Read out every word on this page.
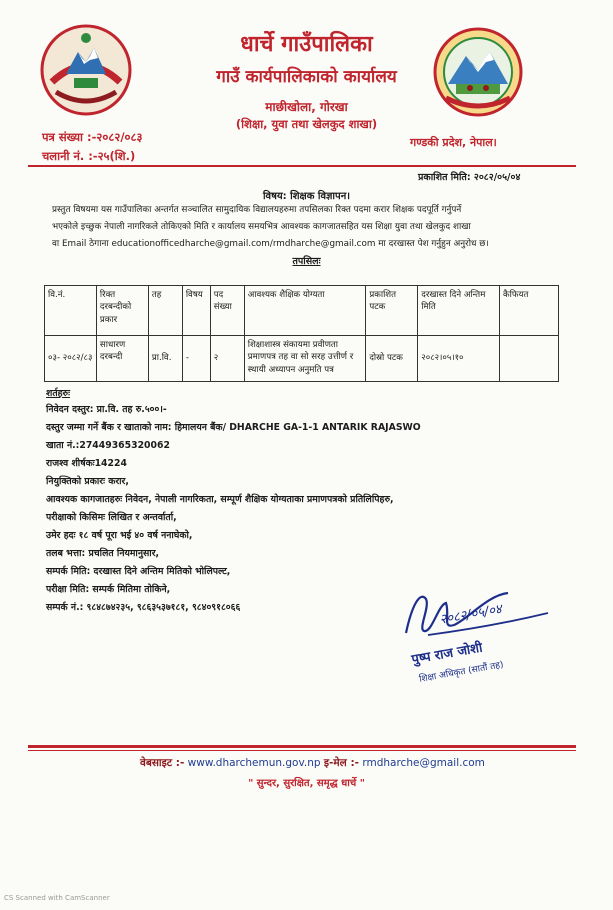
धार्चे गाउँपालिका
गाउँ कार्यपालिकाको कार्यालय
माछीखोला, गोरखा
(शिक्षा, युवा तथा खेलकुद शाखा)
पत्र संख्या :-२०८२/०८३
चलानी नं. :-२५(शि.)
गण्डकी प्रदेश, नेपाल।
प्रकाशित मिति: २०८२/०५/०४
विषय: शिक्षक विज्ञापन।
प्रस्तुत विषयमा यस गाउँपालिका अन्तर्गत सञ्चालित सामुदायिक विद्यालयहरुमा तपसिलका रिक्त पदमा करार शिक्षक पदपूर्ति गर्नुपर्ने
भएकोले इच्छुक नेपाली नागरिकले तोकिएको मिति र कार्यालय समयभित्र आवश्यक कागजातसहित यस शिक्षा युवा तथा खेलकुद शाखा
वा Email ठेगाना educationofficedharche@gmail.com/rmdharche@gmail.com मा दरखास्त पेश गर्नुहुन अनुरोध छ।
तपसिलः
वि.नं.	रिक्त दरबन्दीको प्रकार	तह	विषय	पद संख्या	आवश्यक शैक्षिक योग्यता	प्रकाशित पटक	दरखास्त दिने अन्तिम मिति	कैफियत
०३- २०८२/८३	साधारण दरबन्दी	प्रा.वि.	-	२	शिक्षाशास्त्र संकायमा प्रवीणता प्रमाणपत्र तह वा सो सरह उत्तीर्ण र स्थायी अध्यापन अनुमति पत्र	दोस्रो पटक	२०८२।०५।१०	
शर्तहरुः
निवेदन दस्तुर: प्रा.वि. तह रु.५००।-
दस्तुर जम्मा गर्ने बैंक र खाताको नाम: हिमालयन बैंक/ DHARCHE GA-1-1 ANTARIK RAJASWO
खाता नं.:27449365320062
राजश्व शीर्षकः14224
नियुक्तिको प्रकारः करार,
आवश्यक कागजातहरुः निवेदन, नेपाली नागरिकता, सम्पूर्ण शैक्षिक योग्यताका प्रमाणपत्रको प्रतिलिपिहरु,
परीक्षाको किसिमः लिखित र अन्तर्वार्ता,
उमेर हदः १८ वर्ष पूरा भई ४० वर्ष ननाघेको,
तलब भत्ता: प्रचलित नियमानुसार,
सम्पर्क मिति: दरखास्त दिने अन्तिम मितिको भोलिपल्ट,
परीक्षा मिति: सम्पर्क मितिमा तोकिने,
सम्पर्क नं.: ९८४८७४२३५, ९८६३५३७१८१, ९८४०९१८०६६	२०८२/०५/०४
पुष्प राज जोशी
शिक्षा अधिकृत (सातौं तह)
वेबसाइट :- www.dharchemun.gov.np इ-मेल :- rmdharche@gmail.com
" सुन्दर, सुरक्षित, समृद्ध धार्चे "
CS Scanned with CamScanner
